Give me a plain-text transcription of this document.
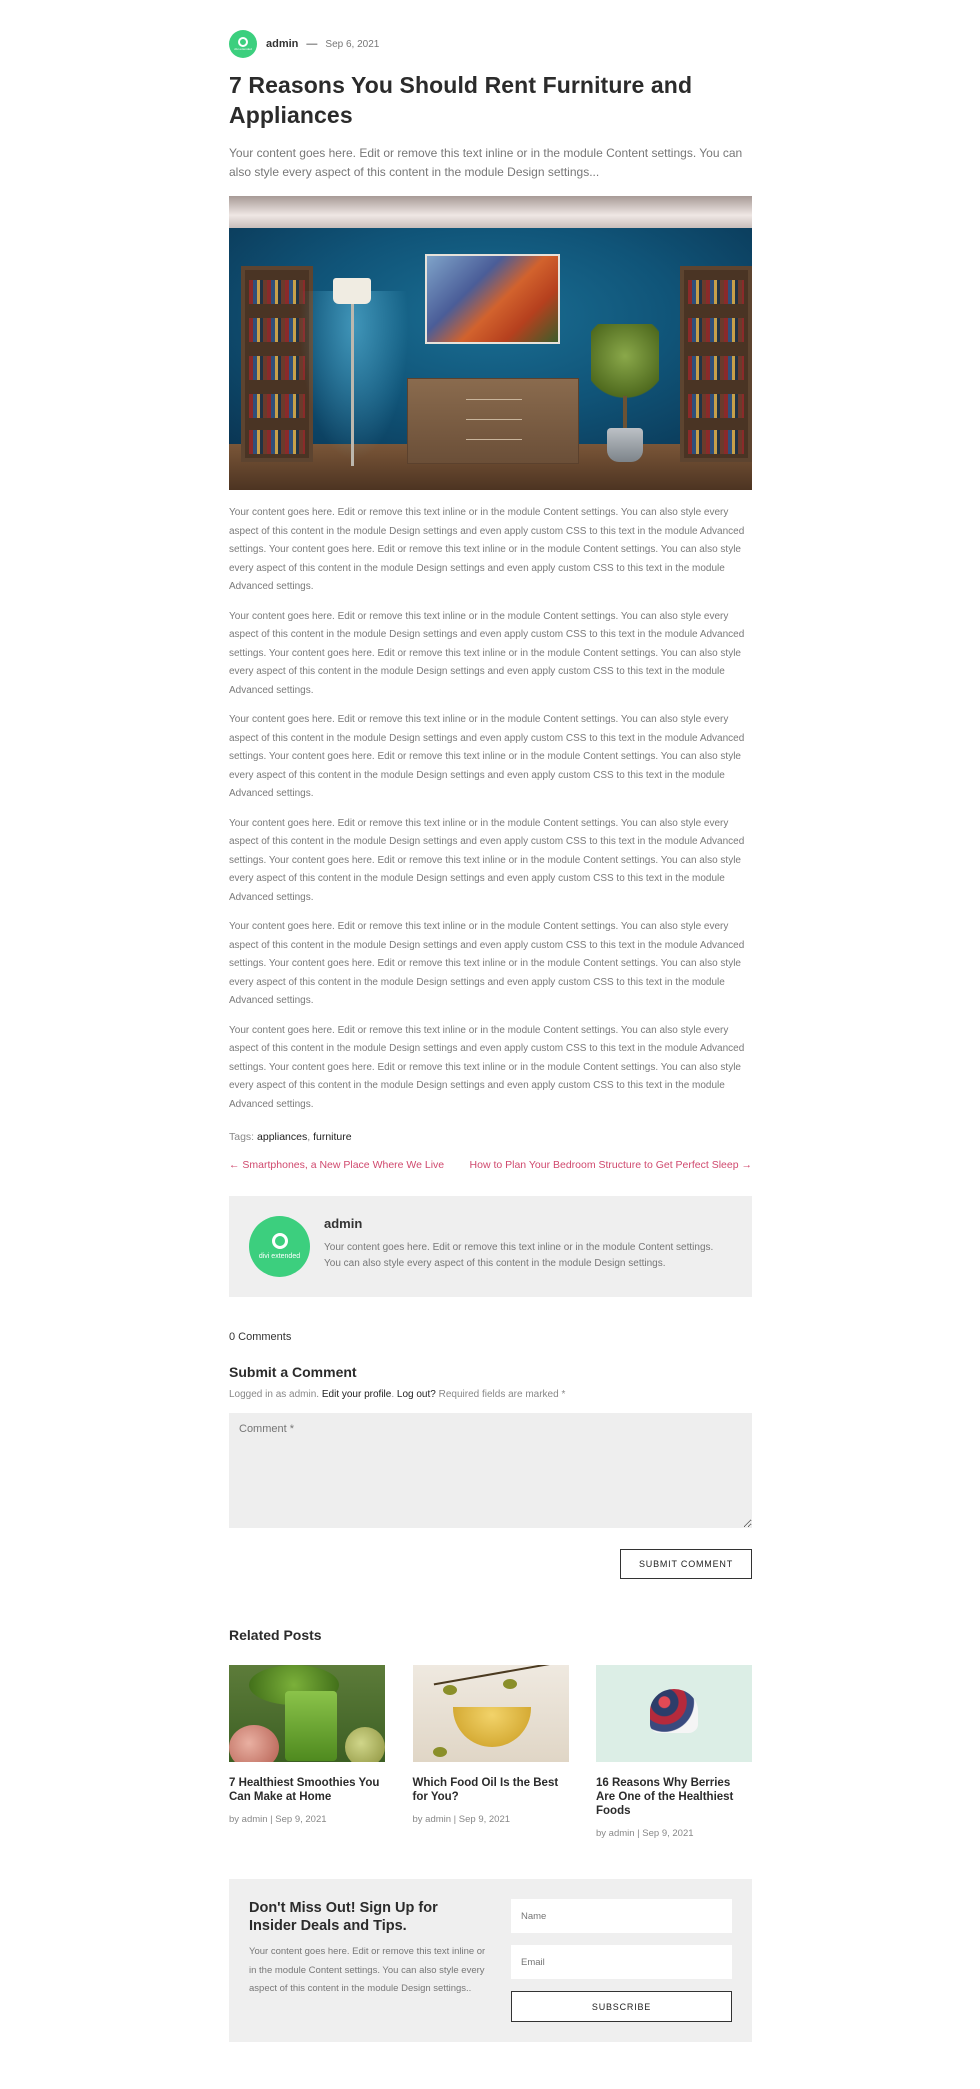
divi extended admin — Sep 6, 2021
7 Reasons You Should Rent Furniture and Appliances

Your content goes here. Edit or remove this text inline or in the module Content settings. You can also style every aspect of this content in the module Design settings...

Your content goes here. Edit or remove this text inline or in the module Content settings. You can also style every aspect of this content in the module Design settings and even apply custom CSS to this text in the module Advanced settings. Your content goes here. Edit or remove this text inline or in the module Content settings. You can also style every aspect of this content in the module Design settings and even apply custom CSS to this text in the module Advanced settings.

Your content goes here. Edit or remove this text inline or in the module Content settings. You can also style every aspect of this content in the module Design settings and even apply custom CSS to this text in the module Advanced settings. Your content goes here. Edit or remove this text inline or in the module Content settings. You can also style every aspect of this content in the module Design settings and even apply custom CSS to this text in the module Advanced settings.

Your content goes here. Edit or remove this text inline or in the module Content settings. You can also style every aspect of this content in the module Design settings and even apply custom CSS to this text in the module Advanced settings. Your content goes here. Edit or remove this text inline or in the module Content settings. You can also style every aspect of this content in the module Design settings and even apply custom CSS to this text in the module Advanced settings.

Your content goes here. Edit or remove this text inline or in the module Content settings. You can also style every aspect of this content in the module Design settings and even apply custom CSS to this text in the module Advanced settings. Your content goes here. Edit or remove this text inline or in the module Content settings. You can also style every aspect of this content in the module Design settings and even apply custom CSS to this text in the module Advanced settings.

Your content goes here. Edit or remove this text inline or in the module Content settings. You can also style every aspect of this content in the module Design settings and even apply custom CSS to this text in the module Advanced settings. Your content goes here. Edit or remove this text inline or in the module Content settings. You can also style every aspect of this content in the module Design settings and even apply custom CSS to this text in the module Advanced settings.

Your content goes here. Edit or remove this text inline or in the module Content settings. You can also style every aspect of this content in the module Design settings and even apply custom CSS to this text in the module Advanced settings. Your content goes here. Edit or remove this text inline or in the module Content settings. You can also style every aspect of this content in the module Design settings and even apply custom CSS to this text in the module Advanced settings.

Tags: appliances, furniture
← Smartphones, a New Place Where We Live How to Plan Your Bedroom Structure to Get Perfect Sleep →
divi extended
admin

Your content goes here. Edit or remove this text inline or in the module Content settings. You can also style every aspect of this content in the module Design settings.

0 Comments
Submit a Comment

Logged in as admin. Edit your profile. Log out? Required fields are marked *

Comment *
SUBMIT COMMENT
Related Posts
7 Healthiest Smoothies You Can Make at Home
by admin | Sep 9, 2021
Which Food Oil Is the Best for You?
by admin | Sep 9, 2021
16 Reasons Why Berries Are One of the Healthiest Foods
by admin | Sep 9, 2021
Don't Miss Out! Sign Up for Insider Deals and Tips.

Your content goes here. Edit or remove this text inline or in the module Content settings. You can also style every aspect of this content in the module Design settings..

Name
Email
SUBSCRIBE
